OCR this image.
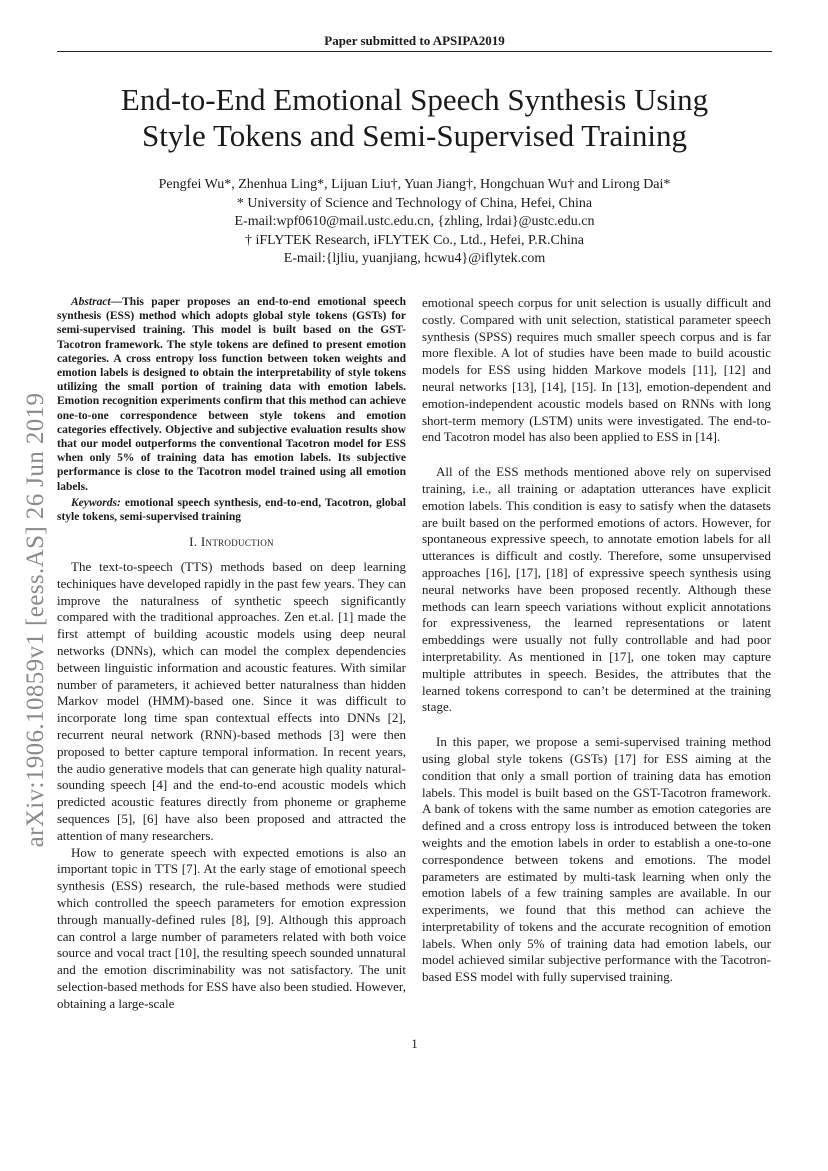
Paper submitted to APSIPA2019
End-to-End Emotional Speech Synthesis Using
Style Tokens and Semi-Supervised Training
Pengfei Wu*, Zhenhua Ling*, Lijuan Liu†, Yuan Jiang†, Hongchuan Wu† and Lirong Dai*
* University of Science and Technology of China, Hefei, China
E-mail:wpf0610@mail.ustc.edu.cn, {zhling, lrdai}@ustc.edu.cn
† iFLYTEK Research, iFLYTEK Co., Ltd., Hefei, P.R.China
E-mail:{ljliu, yuanjiang, hcwu4}@iflytek.com
arXiv:1906.10859v1 [eess.AS] 26 Jun 2019

Abstract—This paper proposes an end-to-end emotional speech synthesis (ESS) method which adopts global style tokens (GSTs) for semi-supervised training. This model is built based on the GST-Tacotron framework. The style tokens are defined to present emotion categories. A cross entropy loss function between token weights and emotion labels is designed to obtain the interpretability of style tokens utilizing the small portion of training data with emotion labels. Emotion recognition experiments confirm that this method can achieve one-to-one correspondence between style tokens and emotion categories effectively. Objective and subjective evaluation results show that our model outperforms the conventional Tacotron model for ESS when only 5% of training data has emotion labels. Its subjective performance is close to the Tacotron model trained using all emotion labels.

Keywords: emotional speech synthesis, end-to-end, Tacotron, global style tokens, semi-supervised training

I. Introduction

The text-to-speech (TTS) methods based on deep learning techiniques have developed rapidly in the past few years. They can improve the naturalness of synthetic speech significantly compared with the traditional approaches. Zen et.al. [1] made the first attempt of building acoustic models using deep neural networks (DNNs), which can model the complex dependencies between linguistic information and acoustic features. With similar number of parameters, it achieved better naturalness than hidden Markov model (HMM)-based one. Since it was difficult to incorporate long time span contextual effects into DNNs [2], recurrent neural network (RNN)-based methods [3] were then proposed to better capture temporal information. In recent years, the audio generative models that can generate high quality natural-sounding speech [4] and the end-to-end acoustic models which predicted acoustic features directly from phoneme or grapheme sequences [5], [6] have also been proposed and attracted the attention of many researchers.

How to generate speech with expected emotions is also an important topic in TTS [7]. At the early stage of emotional speech synthesis (ESS) research, the rule-based methods were studied which controlled the speech parameters for emotion expression through manually-defined rules [8], [9]. Although this approach can control a large number of parameters related with both voice source and vocal tract [10], the resulting speech sounded unnatural and the emotion discriminability was not satisfactory. The unit selection-based methods for ESS have also been studied. However, obtaining a large-scale

emotional speech corpus for unit selection is usually difficult and costly. Compared with unit selection, statistical parameter speech synthesis (SPSS) requires much smaller speech corpus and is far more flexible. A lot of studies have been made to build acoustic models for ESS using hidden Markove models [11], [12] and neural networks [13], [14], [15]. In [13], emotion-dependent and emotion-independent acoustic models based on RNNs with long short-term memory (LSTM) units were investigated. The end-to-end Tacotron model has also been applied to ESS in [14].

All of the ESS methods mentioned above rely on supervised training, i.e., all training or adaptation utterances have explicit emotion labels. This condition is easy to satisfy when the datasets are built based on the performed emotions of actors. However, for spontaneous expressive speech, to annotate emotion labels for all utterances is difficult and costly. Therefore, some unsupervised approaches [16], [17], [18] of expressive speech synthesis using neural networks have been proposed recently. Although these methods can learn speech variations without explicit annotations for expressiveness, the learned representations or latent embeddings were usually not fully controllable and had poor interpretability. As mentioned in [17], one token may capture multiple attributes in speech. Besides, the attributes that the learned tokens correspond to can’t be determined at the training stage.

In this paper, we propose a semi-supervised training method using global style tokens (GSTs) [17] for ESS aiming at the condition that only a small portion of training data has emotion labels. This model is built based on the GST-Tacotron framework. A bank of tokens with the same number as emotion categories are defined and a cross entropy loss is introduced between the token weights and the emotion labels in order to establish a one-to-one correspondence between tokens and emotions. The model parameters are estimated by multi-task learning when only the emotion labels of a few training samples are available. In our experiments, we found that this method can achieve the interpretability of tokens and the accurate recognition of emotion labels. When only 5% of training data had emotion labels, our model achieved similar subjective performance with the Tacotron-based ESS model with fully supervised training.

1
